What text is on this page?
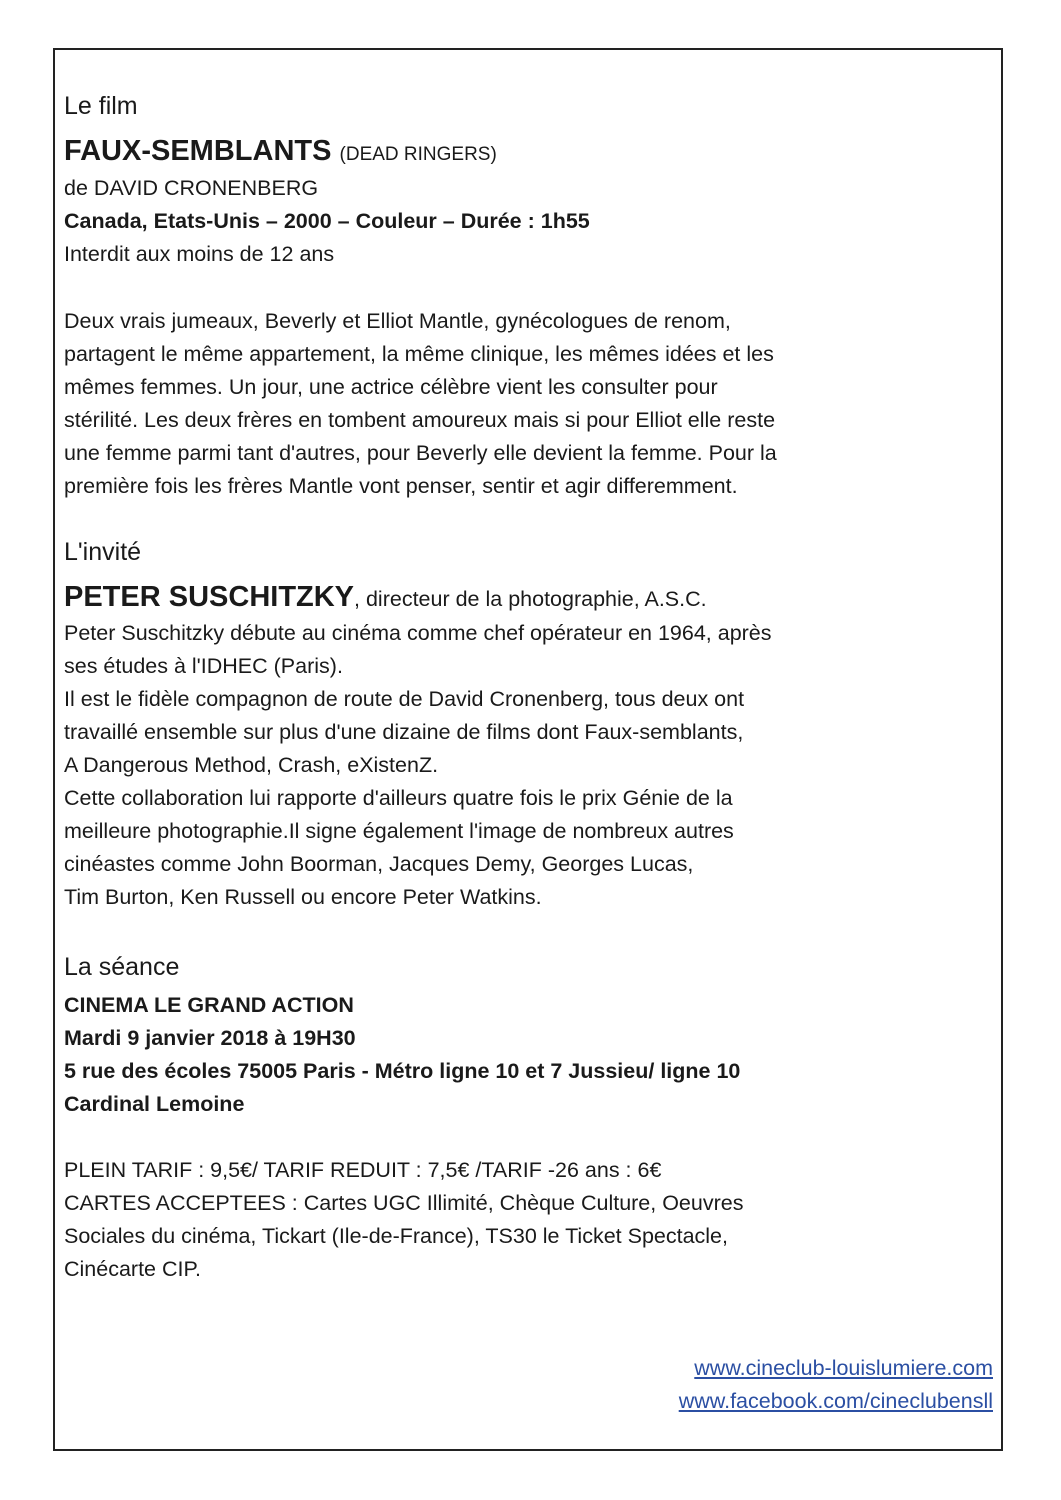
Le film
FAUX-SEMBLANTS (DEAD RINGERS)
de DAVID CRONENBERG
Canada, Etats-Unis – 2000 – Couleur – Durée : 1h55
Interdit aux moins de 12 ans
Deux vrais jumeaux, Beverly et Elliot Mantle, gynécologues de renom,
partagent le même appartement, la même clinique, les mêmes idées et les
mêmes femmes. Un jour, une actrice célèbre vient les consulter pour
stérilité. Les deux frères en tombent amoureux mais si pour Elliot elle reste
une femme parmi tant d'autres, pour Beverly elle devient la femme. Pour la
première fois les frères Mantle vont penser, sentir et agir differemment.
L'invité
PETER SUSCHITZKY, directeur de la photographie, A.S.C.
Peter Suschitzky débute au cinéma comme chef opérateur en 1964, après
ses études à l'IDHEC (Paris).
Il est le fidèle compagnon de route de David Cronenberg, tous deux ont
travaillé ensemble sur plus d'une dizaine de films dont Faux-semblants,
A Dangerous Method, Crash, eXistenZ.
Cette collaboration lui rapporte d'ailleurs quatre fois le prix Génie de la
meilleure photographie.Il signe également l'image de nombreux autres
cinéastes comme John Boorman, Jacques Demy, Georges Lucas,
Tim Burton, Ken Russell ou encore Peter Watkins.
La séance
CINEMA LE GRAND ACTION
Mardi 9 janvier 2018 à 19H30
5 rue des écoles 75005 Paris - Métro ligne 10 et 7 Jussieu/ ligne 10
Cardinal Lemoine
PLEIN TARIF : 9,5€/ TARIF REDUIT : 7,5€ /TARIF -26 ans : 6€
CARTES ACCEPTEES : Cartes UGC Illimité, Chèque Culture, Oeuvres
Sociales du cinéma, Tickart (Ile-de-France), TS30 le Ticket Spectacle,
Cinécarte CIP.
www.cineclub-louislumiere.com
www.facebook.com/cineclubensll
